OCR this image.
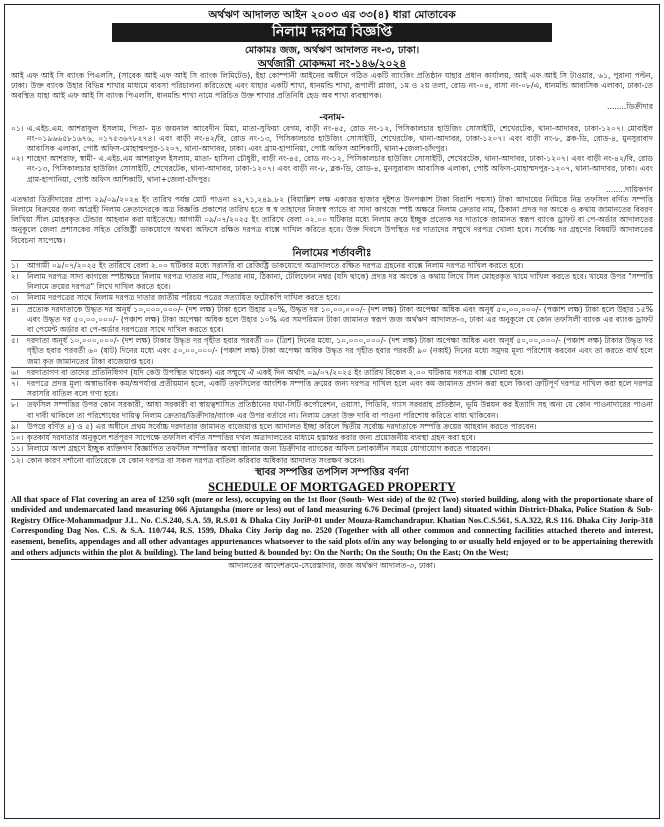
অর্থঋণ আদালত আইন ২০০৩ এর ৩৩(৪) ধারা মোতাবেক
নিলাম দরপত্র বিজ্ঞপ্তি
মোকামঃ জজ, অর্থঋণ আদালত নং-৩, ঢাকা।
অর্থজারী মোকদ্দমা নং-১৪৬/২০২৪

আই এফ আই সি ব্যাংক পিএলসি, (সাবেক আই এফ আই সি ব্যাংক লিমিটেড), ইহা কোম্পানী আইনের অধীনে গঠিত একটি ব্যাংকিং প্রতিষ্ঠান যাহার প্রধান কার্যালয়, আই এফ আই সি টাওয়ার, ৬১, পুরানা পল্টন, ঢাকা। উক্ত ব্যাংক উহার বিভিন্ন শাখার মাধ্যমে ব্যবসা পরিচালনা করিতেছে এবং যাহার একটি শাখা, ধানমন্ডি শাখা, রূপালী প্লাজা, ১ম ও ২য় তলা, রোড নং-০৪, বাসা নং-০৮/এ, ধানমন্ডি আবাসিক এলাকা, ঢাকা-তে অবস্থিত যাহা আই এফ আই সি ব্যাংক পিএলসি, ধানমন্ডি শাখা নামে পরিচিত উক্ত শাখার প্রতিনিধি হেড অব শাখা ব্যবস্থাপক।

........ডিক্রীদার
-বনাম-
০১। এ.এইচ.এম. আশরাফুল ইসলাম, পিতা- মৃত জয়নাল আবেদীন মিয়া, মাতা-সুফিয়া বেগম, বাড়ী নং-৪৫, রোড নং-১২, পিসিকালচার হাউজিং সোসাইটি, শেখেরটেক, থানা-আদাবর, ঢাকা-১২০৭। মোবাইল নং-০১৯৬৬৫৮১৬৭৬, ০১৭৫৩৬৭৮২৭৪। এবং বাড়ী নং-৪২/বি, রোড নং-১৩, পিসিকালচার হাউজিং সোসাইটি, শেখেরটেক, থানা-আদাবর, ঢাকা-১২০৭। এবং বাড়ী নং-৮, ব্লক-ডি, রোড-৪, মুনসুরাবাদ আবাসিক এলাকা, পোষ্ট অফিস-মোহাম্মদপুর-১২০৭, থানা-আদাবর, ঢাকা। এবং গ্রাম-হাপানিয়া, পোষ্ট অফিস আশিকাটি, থানা+জেলা-চাঁদপুর।
০২। শাহেদা আশরাফ, স্বামী- এ.এইচ.এম আশরাফুল ইসলাম, মাতা- হাসিনা চৌধুরী, বাড়ী নং-৪৫, রোড নং-১২, পিসিকালচার হাউজিং সোসাইটি, শেখেরটেক, থানা-আদাবর, ঢাকা-১২০৭। এবং বাড়ী নং-৪২/বি, রোড নং-১৩, পিসিকালচার হাউজিং সোসাইটি, শেখেরটেক, থানা-আদাবর, ঢাকা-১২০৭। এবং বাড়ী নং-৮, ব্লক-ডি, রোড-৪, মুনসুরাবাদ আবাসিক এলাকা, পোষ্ট অফিস-মোহাম্মদপুর-১২০৭, থানা-আদাবর, ঢাকা। এবং গ্রাম-হাপানিয়া, পোষ্ট অফিস আশিকাটি, থানা+জেলা-চাঁদপুর।
........দায়িকগণ

এতদ্বারা ডিক্রীদারের প্রাপ্য ২৯/০৯/২০২৪ ইং তারিখ পর্যন্ত মোট পাওনা ৪২,৭১,২৪৯.৮২ (বিয়াল্লিশ লক্ষ একাত্তর হাজার দুইশত উনপঞ্চাশ টাকা বিরাশি পয়সা) টাকা আদায়ের নিমিত্তে নিম্ন তফসিল বর্ণিত সম্পত্তি নিলামে বিক্রয়ের জন্য আগ্রহী নিলাম ক্রেতাদেরকে অত্র বিজ্ঞপ্তি প্রকাশের তারিখ হতে স্ব স্ব তাহাদের নিজস্ব প্যাডে বা সাদা কাগজে স্পষ্ট অক্ষরে নিলাম ক্রেতার নাম, ঠিকানা প্রদত্ত দর অংকে ও কথায় জামানতের বিবরণ লিখিয়া সীল মোহরকৃত টেন্ডার আহবান করা যাইতেছে। আগামী ০৯/০৭/২০২৫ ইং তারিখে বেলা ০২.০০ ঘটিকার মধ্যে নিলাম ক্রয়ে ইচ্ছুক প্রত্যেক দর দাতাকে জামানত স্বরূপ ব্যাংক ড্রাফট বা পে-অর্ডার আদালতের অনুকূলে জেলা প্রশাসকের সহিত রেজিষ্ট্রী ডাকযোগে অথবা অফিসে রক্ষিত দরপত্র বাক্সে দাখিল করিতে হবে। উক্ত দিবসে উপস্থিত দর দাতাদের সম্মুখে দরপত্র খোলা হবে। সর্বোচ্চ দর গ্রহণের বিষয়টি আদালতের বিবেচনা সাপেক্ষে।

নিলামের শর্তাবলীঃ
১।	আগামী ০৯/০৭/২০২৫ ইং তারিখে বেলা ২.০০ ঘটিকার মধ্যে সরাসরি বা রেজিষ্ট্রি ডাকযোগে অত্রাদালতে রক্ষিত দরপত্র গ্রহনের বাক্সে নিলাম দরপত্র দাখিল করতে হবে।
২।	নিলাম দরপত্র সাদা কাগজে স্পষ্টাক্ষরে নিলাম দরপত্র দাতার নাম, পিতার নাম, ঠিকানা, টেলিফোন নম্বর (যদি থাকে) প্রদত্ত দর অংকে ও কথায় লিখে সিল মোহরকৃত খামে দাখিল করতে হবে। খামের উপর "সম্পত্তি নিলামে ক্রয়ের দরপত্র" লিখে দাখিল করতে হবে।
৩।	নিলাম দরপত্রের সাথে নিলাম দরপত্র দাতার জাতীয় পরিচয় পত্রের সত্যায়িত ফটোকপি দাখিল করতে হবে।
৪।	প্রত্যেক দরদাতাকে উদ্ধৃত দর অনূর্ধ ১০,০০০,০০০/- (দশ লক্ষ) টাকা হলে উহার ২০%, উদ্ধৃত দর ১০,০০,০০০/- (দশ লক্ষ) টাকা অপেক্ষা অধিক এবং অনূর্ধ ৫০,০০,০০০/- (পঞ্চাশ লক্ষ) টাকা হলে উহার ১৫% এবং উদ্ধৃত দর ৫০,০০,০০০/- (পঞ্চাশ লক্ষ) টাকা অপেক্ষা অধিক হলে উহার ১০% এর সমপরিমান টাকা জামানত স্বরূপ জজ অর্থঋণ আদালত-৩, ঢাকা এর অনুকূলে যে কোন তফসিলী ব্যাংক এর ব্যাংক ড্রাফট বা পেমেন্ট অর্ডার বা পে-অর্ডার দরপত্রের সাথে দাখিল করতে হবে।
৫।	দরদাতা অনূর্ধ ১০,০০০,০০০/- (দশ লক্ষ) টাকার উদ্ধৃত দর গৃহীত হবার পরবর্তী ৩০ (ত্রিশ) দিনের মধ্যে, ১০,০০০,০০০/- (দশ লক্ষ) টাকা অপেক্ষা অধিক এবং অনূর্ধ ৫০,০০,০০০/- (পঞ্চাশ লক্ষ) টাকার উদ্ধৃত দর গৃহীত হবার পরবর্তী ৬০ (ষাট) দিনের মধ্যে এবং ৫০,০০,০০০/- (পঞ্চাশ লক্ষ) টাকা অপেক্ষা অধিক উদ্ধৃত দর গৃহীত হবার পরবর্তী ৯০ (নব্বই) দিনের মধ্যে সমুদয় মূল্য পরিশোধ করবেন এবং তা করতে ব্যর্থ হলে জমা কৃত জামানতের টাকা বাজেয়াপ্ত হবে।
৬।	দরদাতাগণ বা তাদের প্রতিনিধিগণ (যদি কেউ উপস্থিত থাকেন) এর সম্মুখে ঐ একই দিন অর্থাৎ ০৯/০৭/২০২৫ ইং তারিখ বিকেল ২.০০ ঘটিকায় দরপত্র বাক্স খোলা হবে।
৭।	দরপত্রে প্রদত্ত মূল্য অস্বাভাবিক কম/অপর্যাপ্ত প্রতীয়মান হলে, একটি তফসিলের আংশিক সম্পত্তি ক্রয়ের জন্য দরপত্র দাখিল হলে এবং কম জামানত প্রদান করা হলে কিংবা ত্রুটিপূর্ণ দরপত্র দাখিল করা হলে দরপত্র সরাসরি বাতিল বলে গণ্য হবে।
৮।	তফসিল সম্পত্তির উপর কোন সরকারী, আধা সরকারী বা স্বায়ত্বশাসিত প্রতিষ্ঠানের যথা-সিটি কর্পোরেশন, ওয়াসা, পিডিবি, গ্যাস সরবরাহ প্রতিষ্ঠান, ভূমি উন্নয়ন কর ইত্যাদি সহ অন্য যে কোন পাওনাদারের পাওনা বা দাবী থাকিলে তা পরিশোধের দায়িত্ব নিলাম ক্রেতার/ডিক্রীদার/ব্যাংক এর উপর বর্তাবে না। নিলাম ক্রেতা উক্ত দাবি বা পাওনা পরিশোধ করিতে বাধ্য থাকিবেন।
৯।	উপরে বর্ণিত ৪) ও ৫) এর অধীনে প্রথম সর্বোচ্চ দরদাতার জামানত বাজেয়াপ্ত হলে আদালত ইচ্ছা করিলে দ্বিতীয় সর্বোচ্চ দরদাতাকে সম্পত্তি ক্রয়ের আহবান করতে পারবেন।
১০। কৃতকার্য দরদাতার অনুকূলে শর্তপূরণ সাপেক্ষে তফসিল বর্ণিত সম্পত্তির দখল অত্রাদালতের মাধ্যমে হস্তান্তর করার জন্য প্রয়োজনীয় ব্যবস্থা গ্রহন করা হবে।
১১। নিলামে অংশ গ্রহণে ইচ্ছুক ব্যক্তিগণ বিজ্ঞাপিত তফসিল সম্পত্তির অবস্থা জানার জন্য ডিক্রীদার ব্যাংকের অফিস চলাকালীন সময়ে যোগাযোগ করতে পারবেন।
১২। কোন কারণ দর্শানো ব্যতিরেকে যে কোন দরপত্র বা সকল দরপত্র বাতিল করিবার অধিকার আদালত সংরক্ষণ করেন।
স্থাবর সম্পত্তির তপসিল সম্পত্তির বর্ণনা
SCHEDULE OF MORTGAGED PROPERTY

All that space of Flat covering an area of 1250 sqft (more or less), occupying on the 1st floor (South- West side) of the 02 (Two) storied building, along with the proportionate share of undivided and undemarcated land measuring 066 Ajutangsha (more or less) out of land measuring 6.76 Decimal (project land) situated within District-Dhaka, Police Station & Sub-Registry Office-Mohammadpur J.L. No. C.S.240, S.A. 59, R.S.01 & Dhaka City JoriP-01 under Mouza-Ramchandrapur. Khatian Nos.C.S.561, S.A.322, R.S 116. Dhaka City Jorip-318 Corresponding Dag Nos. C.S. & S.A. 110/744, R.S. 1599, Dhaka City Jorip dag no. 2520 (Together with all other common and connecting facilities attached thereto and interest, easement, benefits, appendages and all other advantages appurtenances whatsoever to the said plots of/in any way belonging to or usually held enjoyed or to be appertaining therewith and others adjuncts within the plot & building). The land being butted & bounded by: On the North; On the South; On the East; On the West;

আদালতের আদেশক্রমে-সেরেস্তাদার, জজ অর্থঋণ আদালত-৩, ঢাকা।
